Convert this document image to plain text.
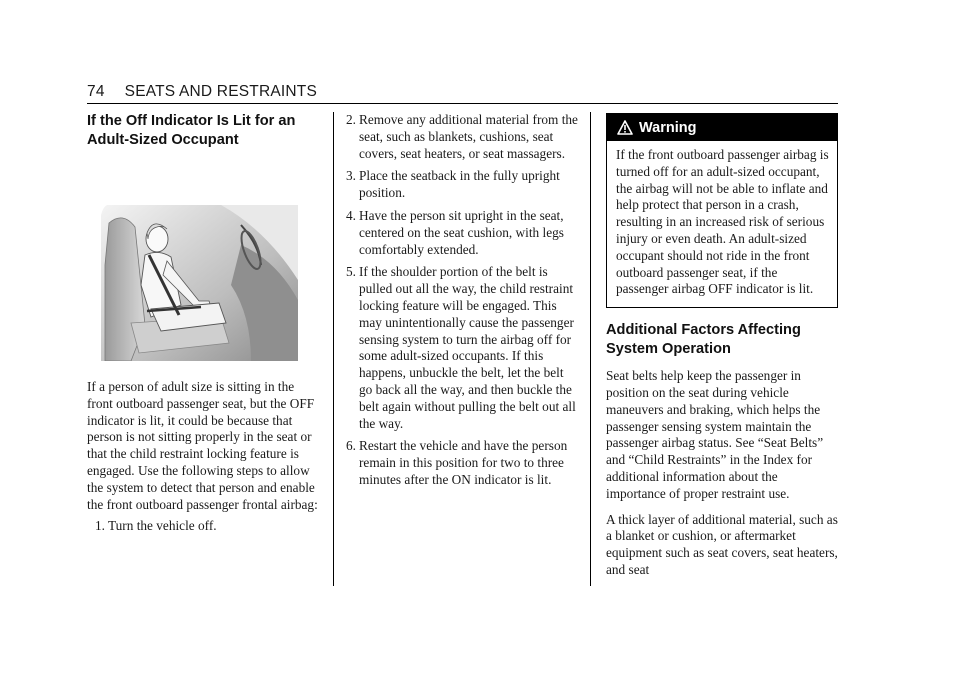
74 SEATS AND RESTRAINTS
If the Off Indicator Is Lit for an Adult-Sized Occupant

If a person of adult size is sitting in the front outboard passenger seat, but the OFF indicator is lit, it could be because that person is not sitting properly in the seat or that the child restraint locking feature is engaged. Use the following steps to allow the system to detect that person and enable the front outboard passenger frontal airbag:

1. Turn the vehicle off.
2. Remove any additional material from the seat, such as blankets, cushions, seat covers, seat heaters, or seat massagers.
3. Place the seatback in the fully upright position.
4. Have the person sit upright in the seat, centered on the seat cushion, with legs comfortably extended.
5. If the shoulder portion of the belt is pulled out all the way, the child restraint locking feature will be engaged. This may unintentionally cause the passenger sensing system to turn the airbag off for some adult-sized occupants. If this happens, unbuckle the belt, let the belt go back all the way, and then buckle the belt again without pulling the belt out all the way.
6. Restart the vehicle and have the person remain in this position for two to three minutes after the ON indicator is lit.
Warning
If the front outboard passenger airbag is turned off for an adult-sized occupant, the airbag will not be able to inflate and help protect that person in a crash, resulting in an increased risk of serious injury or even death. An adult-sized occupant should not ride in the front outboard passenger seat, if the passenger airbag OFF indicator is lit.
Additional Factors Affecting System Operation

Seat belts help keep the passenger in position on the seat during vehicle maneuvers and braking, which helps the passenger sensing system maintain the passenger airbag status. See “Seat Belts” and “Child Restraints” in the Index for additional information about the importance of proper restraint use.

A thick layer of additional material, such as a blanket or cushion, or aftermarket equipment such as seat covers, seat heaters, and seat
